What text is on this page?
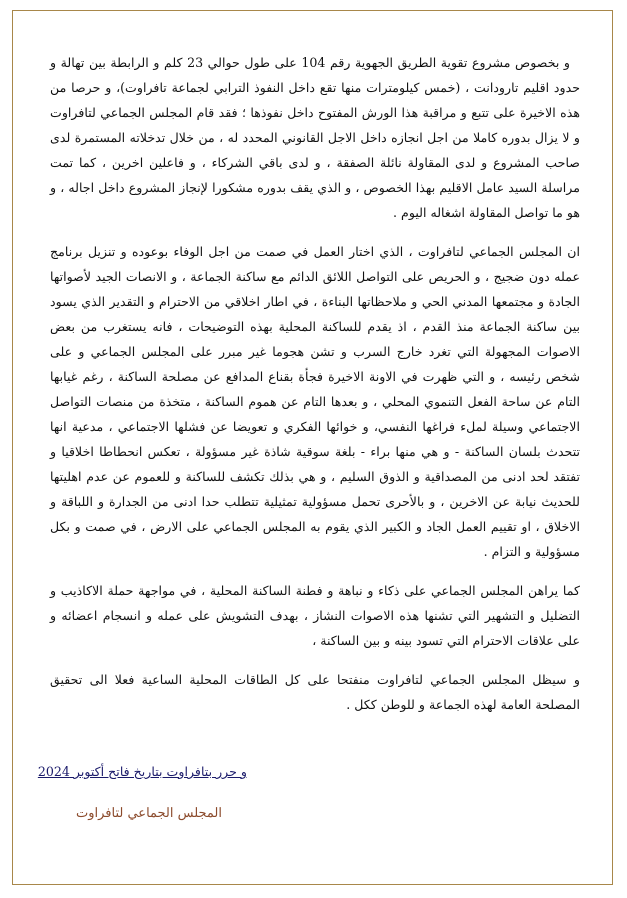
و بخصوص مشروع تقوية الطريق الجهوية رقم 104 على طول حوالي 23 كلم و الرابطة بين تهالة و حدود اقليم تارودانت ، (خمس كيلومترات منها تقع داخل النفوذ الترابي لجماعة تافراوت)، و حرصا من هذه الاخيرة على تتبع و مراقبة هذا الورش المفتوح داخل نفوذها ؛ فقد قام المجلس الجماعي لتافراوت و لا يزال بدوره كاملا من اجل انجازه داخل الاجل القانوني المحدد له ، من خلال تدخلاته المستمرة لدى صاحب المشروع و لدى المقاولة نائلة الصفقة ، و لدى باقي الشركاء ، و فاعلين اخرين ، كما تمت مراسلة السيد عامل الاقليم بهذا الخصوص ، و الذي يقف بدوره مشكورا لإنجاز المشروع داخل اجاله ، و هو ما تواصل المقاولة اشغاله اليوم .

ان المجلس الجماعي لتافراوت ، الذي اختار العمل في صمت من اجل الوفاء بوعوده و تنزيل برنامج عمله دون ضجيج ، و الحريص على التواصل اللائق الدائم مع ساكنة الجماعة ، و الانصات الجيد لأصواتها الجادة و مجتمعها المدني الحي و ملاحظاتها البناءة ، في اطار اخلاقي من الاحترام و التقدير الذي يسود بين ساكنة الجماعة منذ القدم ، اذ يقدم للساكنة المحلية بهذه التوضيحات ، فانه يستغرب من بعض الاصوات المجهولة التي تغرد خارج السرب و تشن هجوما غير مبرر على المجلس الجماعي و على شخص رئيسه ، و التي ظهرت في الاونة الاخيرة فجأة بقناع المدافع عن مصلحة الساكنة ، رغم غيابها التام عن ساحة الفعل التنموي المحلي ، و بعدها التام عن هموم الساكنة ، متخذة من منصات التواصل الاجتماعي وسيلة لملء فراغها النفسي، و خوائها الفكري و تعويضا عن فشلها الاجتماعي ، مدعية انها تتحدث بلسان الساكنة - و هي منها براء - بلغة سوقية شاذة غير مسؤولة ، تعكس انحطاطا اخلاقيا و تفتقد لحد ادنى من المصداقية و الذوق السليم ، و هي بذلك تكشف للساكنة و للعموم عن عدم اهليتها للحديث نيابة عن الاخرين ، و بالأحرى تحمل مسؤولية تمثيلية تتطلب حدا ادنى من الجدارة و اللباقة و الاخلاق ، او تقييم العمل الجاد و الكبير الذي يقوم به المجلس الجماعي على الارض ، في صمت و بكل مسؤولية و التزام .

كما يراهن المجلس الجماعي على ذكاء و نباهة و فطنة الساكنة المحلية ، في مواجهة حملة الاكاذيب و التضليل و التشهير التي تشنها هذه الاصوات النشاز ، بهدف التشويش على عمله و انسجام اعضائه و على علاقات الاحترام التي تسود بينه و بين الساكنة ،

و سيظل المجلس الجماعي لتافراوت منفتحا على كل الطاقات المحلية الساعية فعلا الى تحقيق المصلحة العامة لهذه الجماعة و للوطن ككل .

و حرر بتافراوت بتاريخ فاتح أكتوبر 2024
المجلس الجماعي لتافراوت
